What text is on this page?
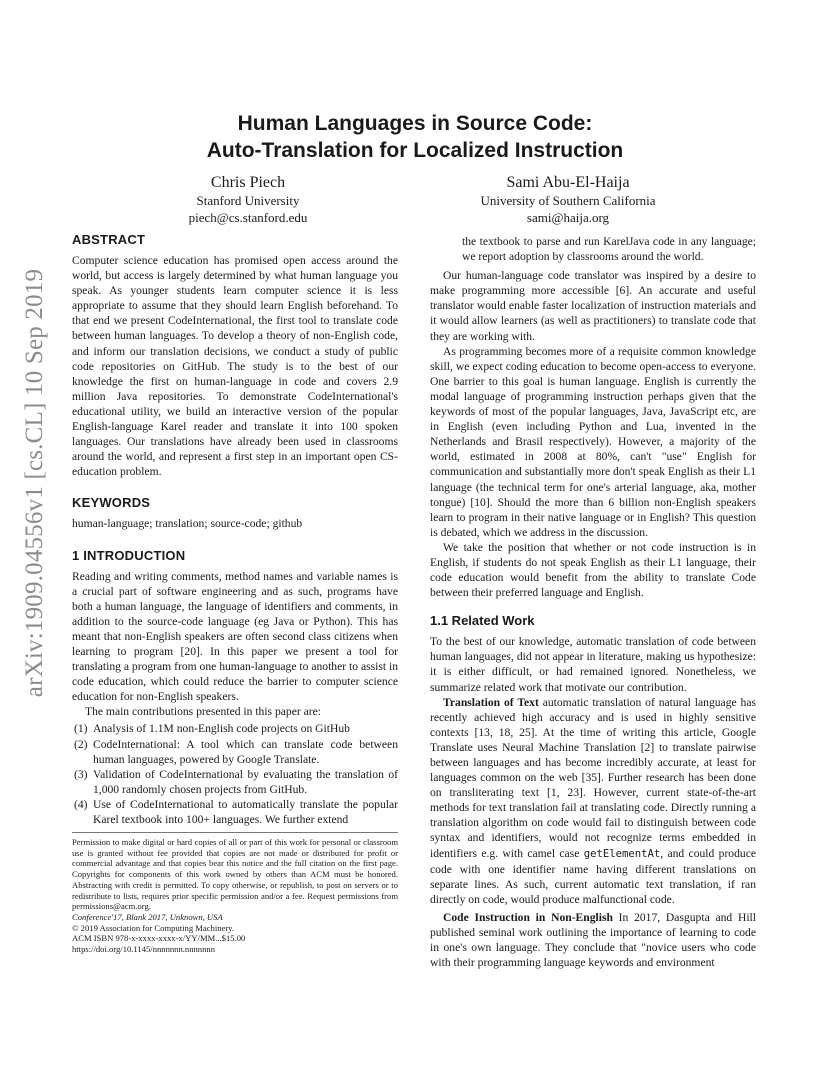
arXiv:1909.04556v1 [cs.CL] 10 Sep 2019
Human Languages in Source Code:
Auto-Translation for Localized Instruction
Chris Piech
Stanford University
piech@cs.stanford.edu
Sami Abu-El-Haija
University of Southern California
sami@haija.org
ABSTRACT

Computer science education has promised open access around the world, but access is largely determined by what human language you speak. As younger students learn computer science it is less appropriate to assume that they should learn English beforehand. To that end we present CodeInternational, the first tool to translate code between human languages. To develop a theory of non-English code, and inform our translation decisions, we conduct a study of public code repositories on GitHub. The study is to the best of our knowledge the first on human-language in code and covers 2.9 million Java repositories. To demonstrate CodeInternational's educational utility, we build an interactive version of the popular English-language Karel reader and translate it into 100 spoken languages. Our translations have already been used in classrooms around the world, and represent a first step in an important open CS-education problem.

KEYWORDS

human-language; translation; source-code; github

1 INTRODUCTION

Reading and writing comments, method names and variable names is a crucial part of software engineering and as such, programs have both a human language, the language of identifiers and comments, in addition to the source-code language (eg Java or Python). This has meant that non-English speakers are often second class citizens when learning to program [20]. In this paper we present a tool for translating a program from one human-language to another to assist in code education, which could reduce the barrier to computer science education for non-English speakers.

The main contributions presented in this paper are:

(1) Analysis of 1.1M non-English code projects on GitHub
(2) CodeInternational: A tool which can translate code between human languages, powered by Google Translate.
(3) Validation of CodeInternational by evaluating the translation of 1,000 randomly chosen projects from GitHub.
(4) Use of CodeInternational to automatically translate the popular Karel textbook into 100+ languages. We further extend

Permission to make digital or hard copies of all or part of this work for personal or classroom use is granted without fee provided that copies are not made or distributed for profit or commercial advantage and that copies bear this notice and the full citation on the first page. Copyrights for components of this work owned by others than ACM must be honored. Abstracting with credit is permitted. To copy otherwise, or republish, to post on servers or to redistribute to lists, requires prior specific permission and/or a fee. Request permissions from permissions@acm.org.

Conference'17, Blank 2017, Unknown, USA

© 2019 Association for Computing Machinery.

ACM ISBN 978-x-xxxx-xxxx-x/YY/MM...$15.00

https://doi.org/10.1145/nnnnnnn.nnnnnnn

the textbook to parse and run KarelJava code in any language; we report adoption by classrooms around the world.

Our human-language code translator was inspired by a desire to make programming more accessible [6]. An accurate and useful translator would enable faster localization of instruction materials and it would allow learners (as well as practitioners) to translate code that they are working with.

As programming becomes more of a requisite common knowledge skill, we expect coding education to become open-access to everyone. One barrier to this goal is human language. English is currently the modal language of programming instruction perhaps given that the keywords of most of the popular languages, Java, JavaScript etc, are in English (even including Python and Lua, invented in the Netherlands and Brasil respectively). However, a majority of the world, estimated in 2008 at 80%, can't "use" English for communication and substantially more don't speak English as their L1 language (the technical term for one's arterial language, aka, mother tongue) [10]. Should the more than 6 billion non-English speakers learn to program in their native language or in English? This question is debated, which we address in the discussion.

We take the position that whether or not code instruction is in English, if students do not speak English as their L1 language, their code education would benefit from the ability to translate Code between their preferred language and English.

1.1 Related Work

To the best of our knowledge, automatic translation of code between human languages, did not appear in literature, making us hypothesize: it is either difficult, or had remained ignored. Nonetheless, we summarize related work that motivate our contribution.

Translation of Text automatic translation of natural language has recently achieved high accuracy and is used in highly sensitive contexts [13, 18, 25]. At the time of writing this article, Google Translate uses Neural Machine Translation [2] to translate pairwise between languages and has become incredibly accurate, at least for languages common on the web [35]. Further research has been done on transliterating text [1, 23]. However, current state-of-the-art methods for text translation fail at translating code. Directly running a translation algorithm on code would fail to distinguish between code syntax and identifiers, would not recognize terms embedded in identifiers e.g. with camel case getElementAt, and could produce code with one identifier name having different translations on separate lines. As such, current automatic text translation, if ran directly on code, would produce malfunctional code.

Code Instruction in Non-English In 2017, Dasgupta and Hill published seminal work outlining the importance of learning to code in one's own language. They conclude that "novice users who code with their programming language keywords and environment
